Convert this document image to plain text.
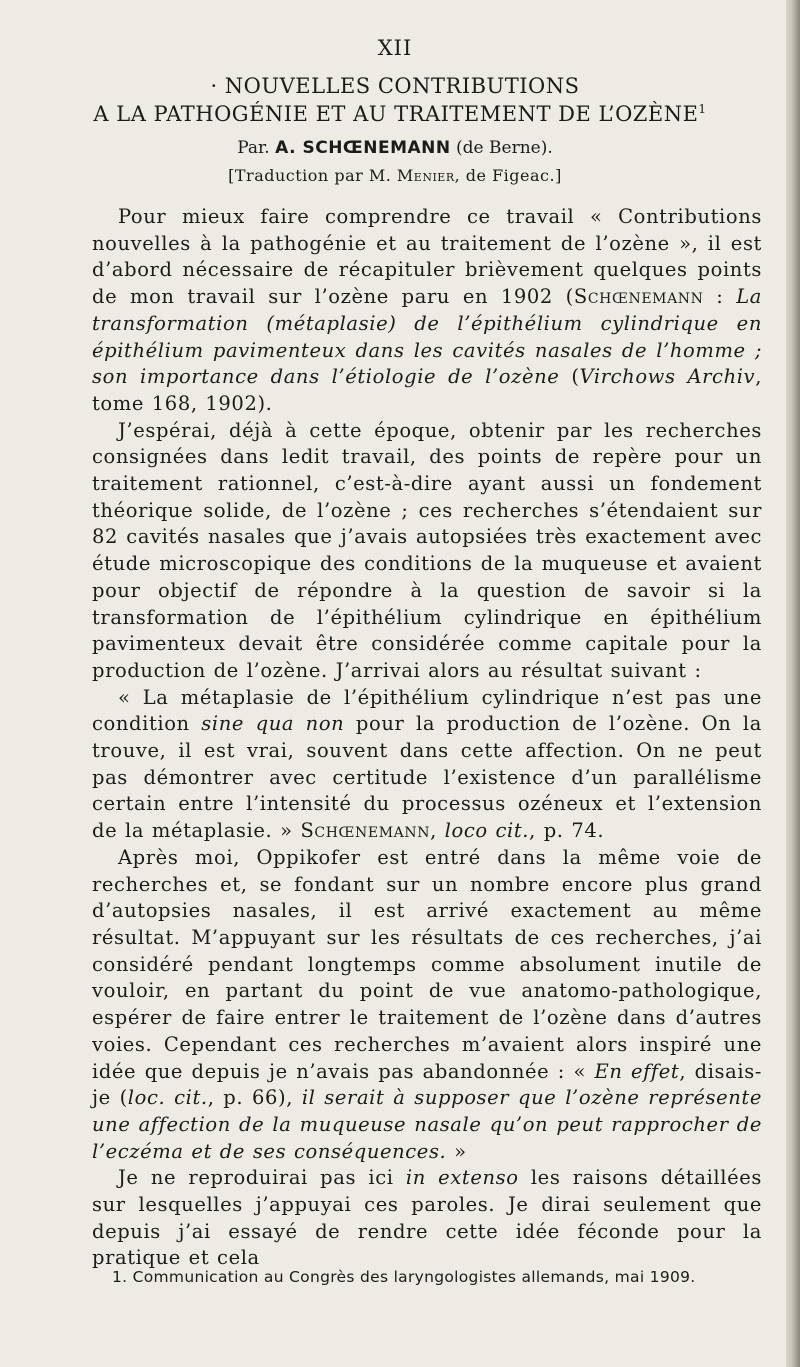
XII
· NOUVELLES CONTRIBUTIONS
A LA PATHOGÉNIE ET AU TRAITEMENT DE L’OZÈNE$^1$
Par. A. SCHŒNEMANN (de Berne).
[Traduction par M. Menier, de Figeac.]

Pour mieux faire comprendre ce travail « Contributions nouvelles à la pathogénie et au traitement de l’ozène », il est d’abord nécessaire de récapituler brièvement quelques points de mon travail sur l’ozène paru en 1902 (Schœnemann : La transformation (métaplasie) de l’épithélium cylindrique en épithélium pavimenteux dans les cavités nasales de l’homme ; son importance dans l’étiologie de l’ozène (Virchows Archiv, tome 168, 1902).

J’espérai, déjà à cette époque, obtenir par les recherches consignées dans ledit travail, des points de repère pour un traitement rationnel, c’est-à-dire ayant aussi un fondement théorique solide, de l’ozène ; ces recherches s’étendaient sur 82 cavités nasales que j’avais autopsiées très exactement avec étude microscopique des conditions de la muqueuse et avaient pour objectif de répondre à la question de savoir si la transformation de l’épithélium cylindrique en épithélium pavimenteux devait être considérée comme capitale pour la production de l’ozène. J’arrivai alors au résultat suivant :

« La métaplasie de l’épithélium cylindrique n’est pas une condition sine qua non pour la production de l’ozène. On la trouve, il est vrai, souvent dans cette affection. On ne peut pas démontrer avec certitude l’existence d’un parallélisme certain entre l’intensité du processus ozéneux et l’extension de la métaplasie. » Schœnemann, loco cit., p. 74.

Après moi, Oppikofer est entré dans la même voie de recherches et, se fondant sur un nombre encore plus grand d’autopsies nasales, il est arrivé exactement au même résultat. M’appuyant sur les résultats de ces recherches, j’ai considéré pendant longtemps comme absolument inutile de vouloir, en partant du point de vue anatomo-pathologique, espérer de faire entrer le traitement de l’ozène dans d’autres voies. Cependant ces recherches m’avaient alors inspiré une idée que depuis je n’avais pas abandonnée : « En effet, disais-je (loc. cit., p. 66), il serait à supposer que l’ozène représente une affection de la muqueuse nasale qu’on peut rapprocher de l’eczéma et de ses conséquences. »

Je ne reproduirai pas ici in extenso les raisons détaillées sur lesquelles j’appuyai ces paroles. Je dirai seulement que depuis j’ai essayé de rendre cette idée féconde pour la pratique et cela

1. Communication au Congrès des laryngologistes allemands, mai 1909.
